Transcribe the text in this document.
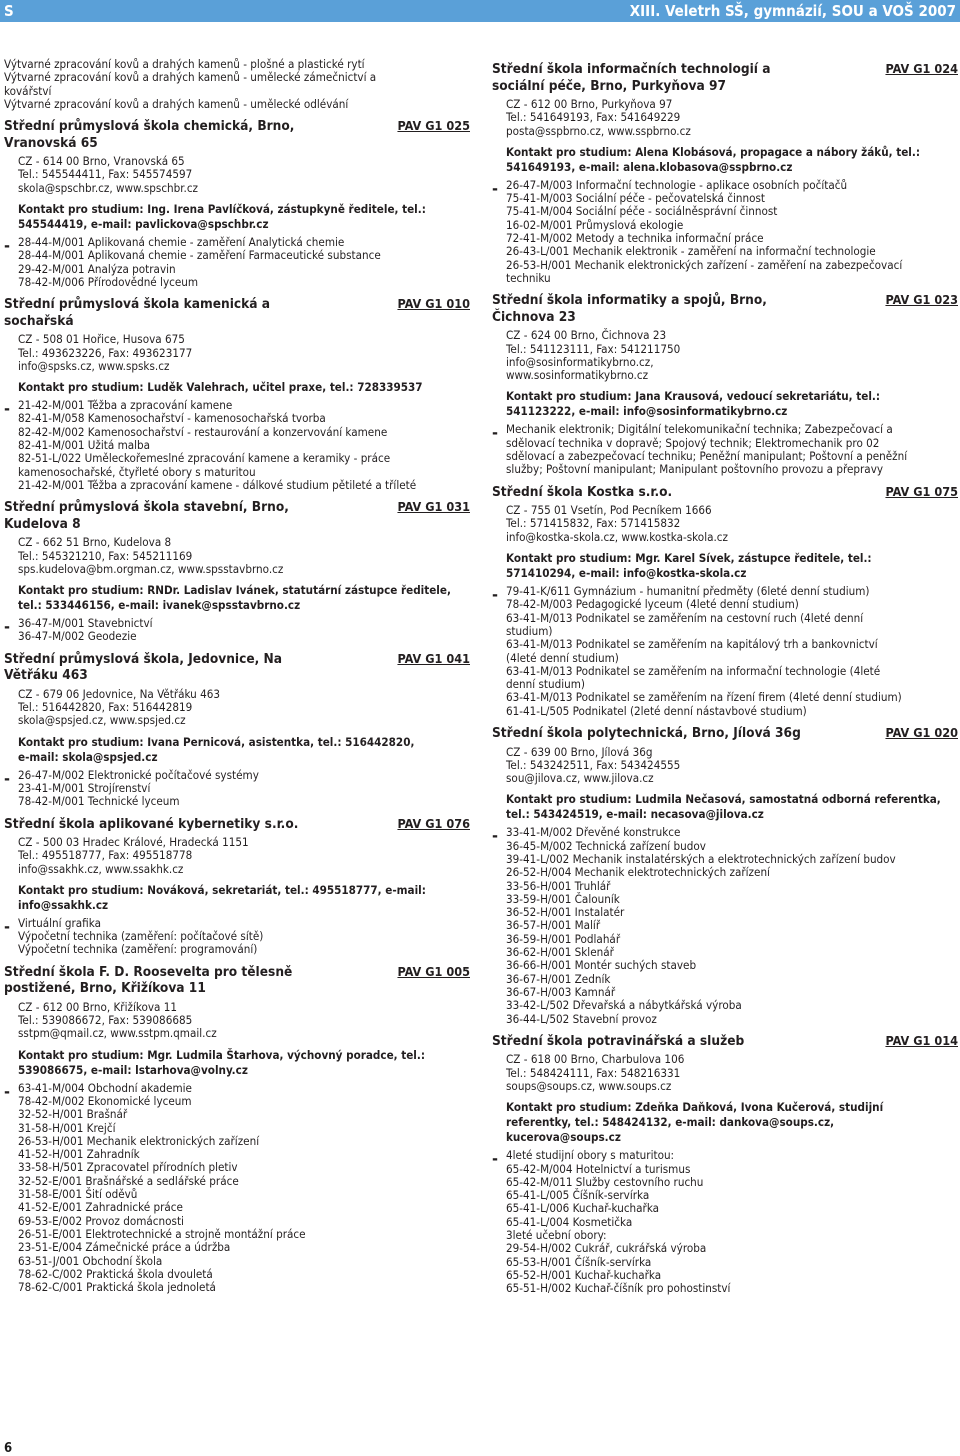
S	XIII. Veletrh SŠ, gymnázií, SOU a VOŠ 2007
Výtvarné zpracování kovů a drahých kamenů - plošné a plastické rytí
Výtvarné zpracování kovů a drahých kamenů - umělecké zámečnictví a
kovářství
Výtvarné zpracování kovů a drahých kamenů - umělecké odlévání
Střední průmyslová škola chemická, Brno,
Vranovská 65
PAV G1 025
CZ - 614 00 Brno, Vranovská 65
Tel.: 545544411, Fax: 545574597
skola@spschbr.cz, www.spschbr.cz
Kontakt pro studium: Ing. Irena Pavlíčková, zástupkyně ředitele, tel.:
545544419, e-mail: pavlickova@spschbr.cz
- 28-44-M/001 Aplikovaná chemie - zaměření Analytická chemie
28-44-M/001 Aplikovaná chemie - zaměření Farmaceutické substance
29-42-M/001 Analýza potravin
78-42-M/006 Přírodovědné lyceum
Střední průmyslová škola kamenická a
sochařská
PAV G1 010
CZ - 508 01 Hořice, Husova 675
Tel.: 493623226, Fax: 493623177
info@spsks.cz, www.spsks.cz
Kontakt pro studium: Luděk Valehrach, učitel praxe, tel.: 728339537
- 21-42-M/001 Těžba a zpracování kamene
82-41-M/058 Kamenosochařství - kamenosochařská tvorba
82-42-M/002 Kamenosochařství - restaurování a konzervování kamene
82-41-M/001 Užitá malba
82-51-L/022 Uměleckořemeslné zpracování kamene a keramiky - práce
kamenosochařské, čtyřleté obory s maturitou
21-42-M/001 Těžba a zpracování kamene - dálkové studium pětileté a tříleté
Střední průmyslová škola stavební, Brno,
Kudelova 8
PAV G1 031
CZ - 662 51 Brno, Kudelova 8
Tel.: 545321210, Fax: 545211169
sps.kudelova@bm.orgman.cz, www.spsstavbrno.cz
Kontakt pro studium: RNDr. Ladislav Ivánek, statutární zástupce ředitele,
tel.: 533446156, e-mail: ivanek@spsstavbrno.cz
- 36-47-M/001 Stavebnictví
36-47-M/002 Geodezie
Střední průmyslová škola, Jedovnice, Na
Větřáku 463
PAV G1 041
CZ - 679 06 Jedovnice, Na Větřáku 463
Tel.: 516442820, Fax: 516442819
skola@spsjed.cz, www.spsjed.cz
Kontakt pro studium: Ivana Pernicová, asistentka, tel.: 516442820,
e-mail: skola@spsjed.cz
- 26-47-M/002 Elektronické počítačové systémy
23-41-M/001 Strojírenství
78-42-M/001 Technické lyceum
Střední škola aplikované kybernetiky s.r.o.	PAV G1 076
CZ - 500 03 Hradec Králové, Hradecká 1151
Tel.: 495518777, Fax: 495518778
info@ssakhk.cz, www.ssakhk.cz
Kontakt pro studium: Nováková, sekretariát, tel.: 495518777, e-mail:
info@ssakhk.cz
- Virtuální grafika
Výpočetní technika (zaměření: počítačové sítě)
Výpočetní technika (zaměření: programování)
Střední škola F. D. Roosevelta pro tělesně
postižené, Brno, Křižíkova 11
PAV G1 005
CZ - 612 00 Brno, Křižíkova 11
Tel.: 539086672, Fax: 539086685
sstpm@qmail.cz, www.sstpm.qmail.cz
Kontakt pro studium: Mgr. Ludmila Štarhova, výchovný poradce, tel.:
539086675, e-mail: lstarhova@volny.cz
- 63-41-M/004 Obchodní akademie
78-42-M/002 Ekonomické lyceum
32-52-H/001 Brašnář
31-58-H/001 Krejčí
26-53-H/001 Mechanik elektronických zařízení
41-52-H/001 Zahradník
33-58-H/501 Zpracovatel přírodních pletiv
32-52-E/001 Brašnářské a sedlářské práce
31-58-E/001 Šití oděvů
41-52-E/001 Zahradnické práce
69-53-E/002 Provoz domácnosti
26-51-E/001 Elektrotechnické a strojně montážní práce
23-51-E/004 Zámečnické práce a údržba
63-51-J/001 Obchodní škola
78-62-C/002 Praktická škola dvouletá
78-62-C/001 Praktická škola jednoletá
Střední škola informačních technologií a
sociální péče, Brno, Purkyňova 97
PAV G1 024
CZ - 612 00 Brno, Purkyňova 97
Tel.: 541649193, Fax: 541649229
posta@sspbrno.cz, www.sspbrno.cz
Kontakt pro studium: Alena Klobásová, propagace a nábory žáků, tel.:
541649193, e-mail: alena.klobasova@sspbrno.cz
- 26-47-M/003 Informační technologie - aplikace osobních počítačů
75-41-M/003 Sociální péče - pečovatelská činnost
75-41-M/004 Sociální péče - sociálněsprávní činnost
16-02-M/001 Průmyslová ekologie
72-41-M/002 Metody a technika informační práce
26-43-L/001 Mechanik elektronik - zaměření na informační technologie
26-53-H/001 Mechanik elektronických zařízení - zaměření na zabezpečovací
techniku
Střední škola informatiky a spojů, Brno,
Čichnova 23
PAV G1 023
CZ - 624 00 Brno, Čichnova 23
Tel.: 541123111, Fax: 541211750
info@sosinformatikybrno.cz,
www.sosinformatikybrno.cz
Kontakt pro studium: Jana Krausová, vedoucí sekretariátu, tel.:
541123222, e-mail: info@sosinformatikybrno.cz
- Mechanik elektronik; Digitální telekomunikační technika; Zabezpečovací a
sdělovací technika v dopravě; Spojový technik; Elektromechanik pro 02
sdělovací a zabezpečovací techniku; Peněžní manipulant; Poštovní a peněžní
služby; Poštovní manipulant; Manipulant poštovního provozu a přepravy
Střední škola Kostka s.r.o.	PAV G1 075
CZ - 755 01 Vsetín, Pod Pecníkem 1666
Tel.: 571415832, Fax: 571415832
info@kostka-skola.cz, www.kostka-skola.cz
Kontakt pro studium: Mgr. Karel Sívek, zástupce ředitele, tel.:
571410294, e-mail: info@kostka-skola.cz
- 79-41-K/611 Gymnázium - humanitní předměty (6leté denní studium)
78-42-M/003 Pedagogické lyceum (4leté denní studium)
63-41-M/013 Podnikatel se zaměřením na cestovní ruch (4leté denní
studium)
63-41-M/013 Podnikatel se zaměřením na kapitálový trh a bankovnictví
(4leté denní studium)
63-41-M/013 Podnikatel se zaměřením na informační technologie (4leté
denní studium)
63-41-M/013 Podnikatel se zaměřením na řízení firem (4leté denní studium)
61-41-L/505 Podnikatel (2leté denní nástavbové studium)
Střední škola polytechnická, Brno, Jílová 36g	PAV G1 020
CZ - 639 00 Brno, Jílová 36g
Tel.: 543242511, Fax: 543424555
sou@jilova.cz, www.jilova.cz
Kontakt pro studium: Ludmila Nečasová, samostatná odborná referentka,
tel.: 543424519, e-mail: necasova@jilova.cz
- 33-41-M/002 Dřevěné konstrukce
36-45-M/002 Technická zařízení budov
39-41-L/002 Mechanik instalatérských a elektrotechnických zařízení budov
26-52-H/004 Mechanik elektrotechnických zařízení
33-56-H/001 Truhlář
33-59-H/001 Čalouník
36-52-H/001 Instalatér
36-57-H/001 Malíř
36-59-H/001 Podlahář
36-62-H/001 Sklenář
36-66-H/001 Montér suchých staveb
36-67-H/001 Zedník
36-67-H/003 Kamnář
33-42-L/502 Dřevařská a nábytkářská výroba
36-44-L/502 Stavební provoz
Střední škola potravinářská a služeb	PAV G1 014
CZ - 618 00 Brno, Charbulova 106
Tel.: 548424111, Fax: 548216331
soups@soups.cz, www.soups.cz
Kontakt pro studium: Zdeňka Daňková, Ivona Kučerová, studijní
referentky, tel.: 548424132, e-mail: dankova@soups.cz,
kucerova@soups.cz
- 4leté studijní obory s maturitou:
65-42-M/004 Hotelnictví a turismus
65-42-M/011 Služby cestovního ruchu
65-41-L/005 Číšník-servírka
65-41-L/006 Kuchař-kuchařka
65-41-L/004 Kosmetička
3leté učební obory:
29-54-H/002 Cukrář, cukrářská výroba
65-53-H/001 Číšník-servírka
65-52-H/001 Kuchař-kuchařka
65-51-H/002 Kuchař-číšník pro pohostinství
6
